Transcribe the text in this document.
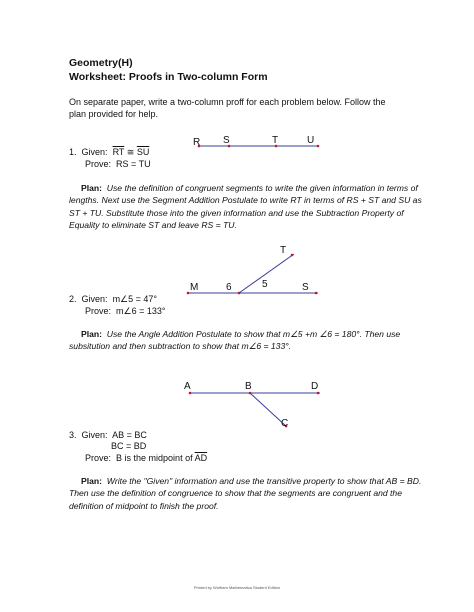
Geometry(H)
Worksheet: Proofs in Two-column Form
On separate paper, write a two-column proff for each problem below. Follow the plan provided for help.
1. Given: $\overline{RT}$ ≅ $\overline{SU}$
Prove: RS = TU
Plan: Use the definition of congruent segments to write the given information in terms of lengths. Next use the Segment Addition Postulate to write RT in terms of RS + ST and SU as ST + TU. Substitute those into the given information and use the Subtraction Property of Equality to eliminate ST and leave RS = TU.
2. Given: m∠5 = 47°
Prove: m∠6 = 133°
Plan: Use the Angle Addition Postulate to show that m∠5 +m ∠6 = 180°. Then use subsitution and then subtraction to show that m∠6 = 133°.
3. Given: AB = BC
BC = BD
Prove: B is the midpoint of $\overline{AD}$
Plan: Write the "Given" information and use the transitive property to show that AB = BD. Then use the definition of congruence to show that the segments are congruent and the definition of midpoint to finish the proof.
R S	T	U
M	6	5
T
S
A	B	D
C
Printed by Wolfram Mathematica Student Edition
